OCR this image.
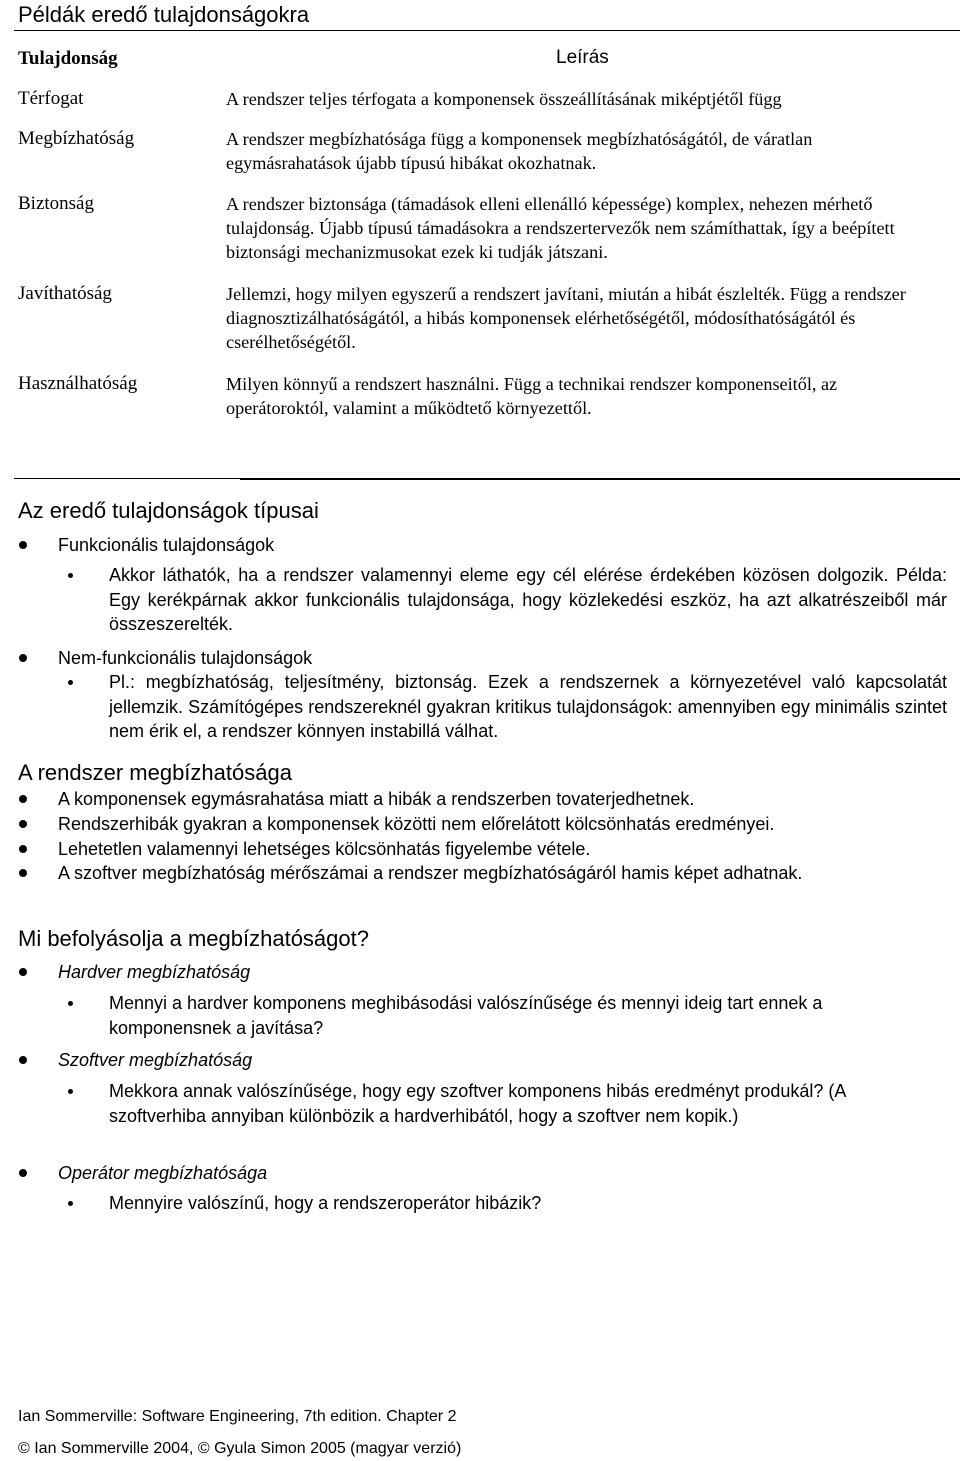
Példák eredő tulajdonságokra
Tulajdonság	Leírás
Térfogat	A rendszer teljes térfogata a komponensek összeállításának miképtjétől függ
Megbízhatóság	A rendszer megbízhatósága függ a komponensek megbízhatóságától, de váratlan egymásrahatások újabb típusú hibákat okozhatnak.
Biztonság	A rendszer biztonsága (támadások elleni ellenálló képessége) komplex, nehezen mérhető tulajdonság. Újabb típusú támadásokra a rendszertervezők nem számíthattak, így a beépített biztonsági mechanizmusokat ezek ki tudják játszani.
Javíthatóság	Jellemzi, hogy milyen egyszerű a rendszert javítani, miután a hibát észlelték. Függ a rendszer diagnosztizálhatóságától, a hibás komponensek elérhetőségétől, módosíthatóságától és cserélhetőségétől.
Használhatóság	Milyen könnyű a rendszert használni. Függ a technikai rendszer komponenseitől, az operátoroktól, valamint a működtető környezettől.
Az eredő tulajdonságok típusai
Funkcionális tulajdonságok
Akkor láthatók, ha a rendszer valamennyi eleme egy cél elérése érdekében közösen dolgozik. Példa: Egy kerékpárnak akkor funkcionális tulajdonsága, hogy közlekedési eszköz, ha azt alkatrészeiből már összeszerelték.
Nem-funkcionális tulajdonságok
Pl.: megbízhatóság, teljesítmény, biztonság. Ezek a rendszernek a környezetével való kapcsolatát jellemzik. Számítógépes rendszereknél gyakran kritikus tulajdonságok: amennyiben egy minimális szintet nem érik el, a rendszer könnyen instabillá válhat.
A rendszer megbízhatósága
A komponensek egymásrahatása miatt a hibák a rendszerben tovaterjedhetnek.
Rendszerhibák gyakran a komponensek közötti nem előrelátott kölcsönhatás eredményei.
Lehetetlen valamennyi lehetséges kölcsönhatás figyelembe vétele.
A szoftver megbízhatóság mérőszámai a rendszer megbízhatóságáról hamis képet adhatnak.
Mi befolyásolja a megbízhatóságot?
Hardver megbízhatóság
Mennyi a hardver komponens meghibásodási valószínűsége és mennyi ideig tart ennek a komponensnek a javítása?
Szoftver megbízhatóság
Mekkora annak valószínűsége, hogy egy szoftver komponens hibás eredményt produkál? (A szoftverhiba annyiban különbözik a hardverhibától, hogy a szoftver nem kopik.)
Operátor megbízhatósága
Mennyire valószínű, hogy a rendszeroperátor hibázik?
Ian Sommerville: Software Engineering, 7th edition. Chapter 2
© Ian Sommerville 2004, © Gyula Simon 2005 (magyar verzió)
